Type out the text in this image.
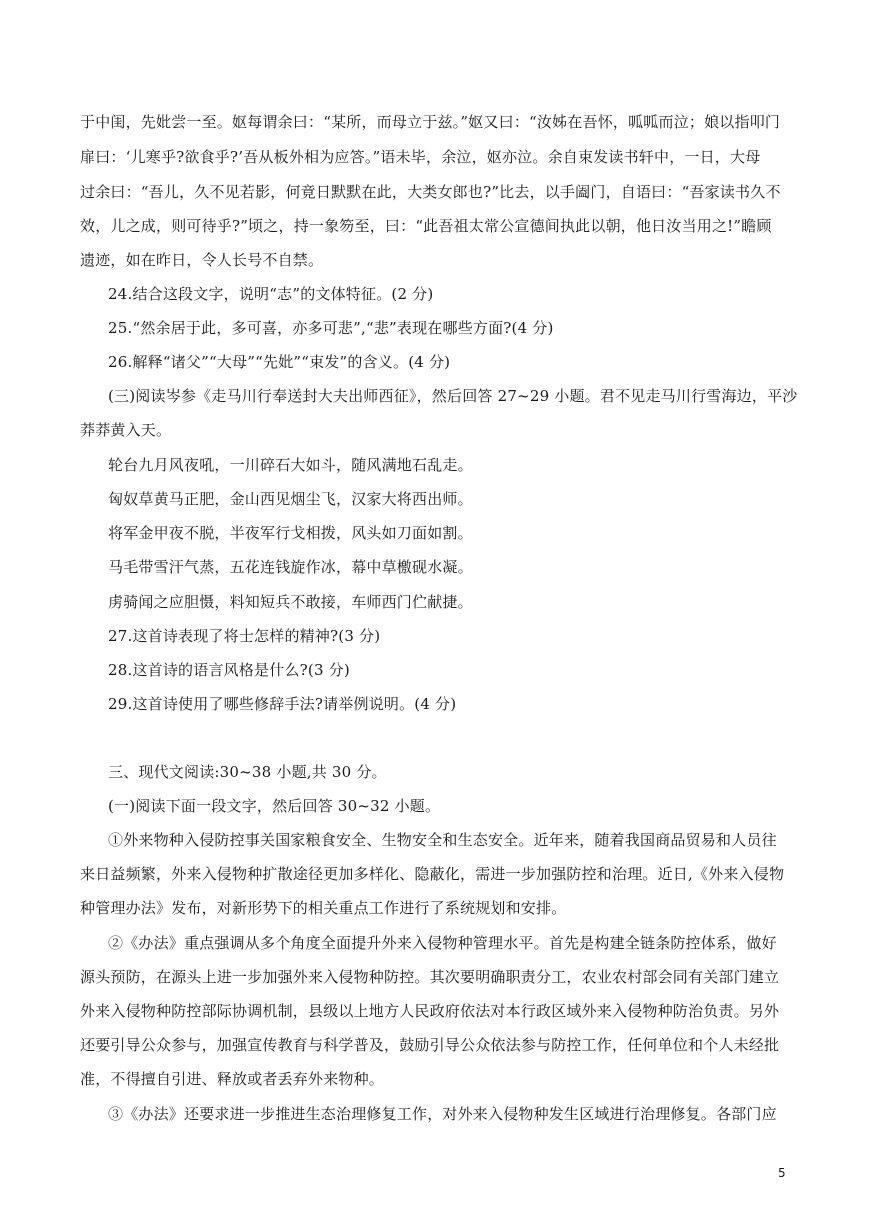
于中闺，先妣尝一至。妪每谓余曰：“某所，而母立于兹。”妪又曰：“汝姊在吾怀，呱呱而泣；娘以指叩门
扉曰：‘儿寒乎?欲食乎?’吾从板外相为应答。”语未毕，余泣，妪亦泣。余自束发读书轩中，一日，大母
过余曰：“吾儿，久不见若影，何竟日默默在此，大类女郎也?”比去，以手阖门，自语曰：“吾家读书久不
效，儿之成，则可待乎?”顷之，持一象笏至，曰：“此吾祖太常公宣德间执此以朝，他日汝当用之!”瞻顾
遗迹，如在昨日，令人长号不自禁。
24.结合这段文字，说明“志”的文体特征。(2 分)
25.“然余居于此，多可喜，亦多可悲”,“悲”表现在哪些方面?(4 分)
26.解释“诸父”“大母”“先妣”“束发”的含义。(4 分)
(三)阅读岑参《走马川行奉送封大夫出师西征》，然后回答 27~29 小题。君不见走马川行雪海边，平沙
莽莽黄入天。
轮台九月风夜吼，一川碎石大如斗，随风满地石乱走。
匈奴草黄马正肥，金山西见烟尘飞，汉家大将西出师。
将军金甲夜不脱，半夜军行戈相拨，风头如刀面如割。
马毛带雪汗气蒸，五花连钱旋作冰，幕中草檄砚水凝。
虏骑闻之应胆慑，料知短兵不敢接，车师西门伫献捷。
27.这首诗表现了将士怎样的精神?(3 分)
28.这首诗的语言风格是什么?(3 分)
29.这首诗使用了哪些修辞手法?请举例说明。(4 分)
三、现代文阅读:30~38 小题,共 30 分。
(一)阅读下面一段文字，然后回答 30~32 小题。
①外来物种入侵防控事关国家粮食安全、生物安全和生态安全。近年来，随着我国商品贸易和人员往
来日益频繁，外来入侵物种扩散途径更加多样化、隐蔽化，需进一步加强防控和治理。近日,《外来入侵物
种管理办法》发布，对新形势下的相关重点工作进行了系统规划和安排。
②《办法》重点强调从多个角度全面提升外来入侵物种管理水平。首先是构建全链条防控体系，做好
源头预防，在源头上进一步加强外来入侵物种防控。其次要明确职责分工，农业农村部会同有关部门建立
外来入侵物种防控部际协调机制，县级以上地方人民政府依法对本行政区域外来入侵物种防治负责。另外
还要引导公众参与，加强宣传教育与科学普及，鼓励引导公众依法参与防控工作，任何单位和个人未经批
准，不得擅自引进、释放或者丢弃外来物种。
③《办法》还要求进一步推进生态治理修复工作，对外来入侵物种发生区域进行治理修复。各部门应
5
